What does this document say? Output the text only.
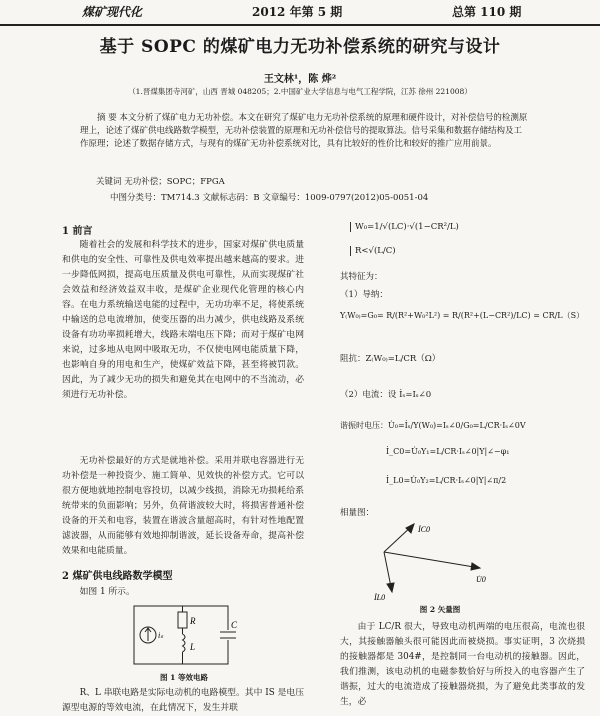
煤矿现代化	2012 年第 5 期	总第 110 期
基于 SOPC 的煤矿电力无功补偿系统的研究与设计
王文林¹，陈 烨²
（1.晋煤集团寺河矿，山西 晋城 048205；2.中国矿业大学信息与电气工程学院，江苏 徐州 221008）
摘 要 本文分析了煤矿电力无功补偿。本文在研究了煤矿电力无功补偿系统的原理和硬件设计，对补偿信号的检测原理上，论述了煤矿供电线路数学模型，无功补偿装置的原理和无功补偿信号的提取算法。信号采集和数据存储结构及工作原理；论述了数据存储方式，与现有的煤矿无功补偿系统对比，具有比较好的性价比和较好的推广应用前景。
关键词 无功补偿；SOPC；FPGA
中图分类号：TM714.3 文献标志码：B 文章编号：1009-0797(2012)05-0051-04
1 前言
随着社会的发展和科学技术的进步，国家对煤矿供电质量和供电的安全性、可靠性及供电效率提出越来越高的要求。进一步降低网损，提高电压质量及供电可靠性，从而实现煤矿社会效益和经济效益双丰收，是煤矿企业现代化管理的核心内容。在电力系统输送电能的过程中，无功功率不足，将使系统中输送的总电流增加，使变压器的出力减少，供电线路及系统设备有功功率损耗增大，线路末端电压下降；而对于煤矿电网来说，过多地从电网中吸取无功，不仅使电网电能质量下降，也影响自身的用电和生产，使煤矿效益下降，甚至将被罚款。因此，为了减少无功的损失和避免其在电网中的不当流动，必须进行无功补偿。
无功补偿最好的方式是就地补偿。采用并联电容器进行无功补偿是一种投资少、施工简单、见效快的补偿方式。它可以很方便地就地控制电容投切，以减少线损，消除无功损耗给系统带来的负面影响；另外，负荷谐波较大时，将损害普通补偿设备的开关和电容，装置在谐波含量超高时，有针对性地配置滤波器，从而能够有效地抑制谐波，延长设备寿命，提高补偿效果和电能质量。
2 煤矿供电线路数学模型
如图 1 所示。
R
L
C
iₛ
图 1 等效电路
R、L 串联电路是实际电动机的电路模型。其中 IS 是电压源型电源的等效电流，在此情况下，发生并联
W₀=1/√(LC)·√(1−CR²/L)
R<√(L/C)
其特征为：
（1）导纳：
Y₍W₀₎=G₀= R/(R²+W₀²L²) = R/(R²+(L−CR²)/LC) = CR/L（S）
阻抗：Z₍W₀₎=L/CR（Ω）
（2）电流：设 İₛ=Iₛ∠0
谐振时电压：U̇₀=İₛ/Y(W₀)=Iₛ∠0/G₀=L/CR·Iₛ∠0V
İ_C0=U̇₀Y₁=L/CR·Iₛ∠0|Y|∠−φ₁
İ_L0=U̇₀Y₂=L/CR·Iₛ∠0|Y|∠π/2
相量图：
İC0
U̇0
İL0
图 2 矢量图
由于 LC/R 很大，导致电动机两端的电压很高，电流也很大，其接触器触头很可能因此而被烧损。事实证明，3 次烧损的接触器都是 304#，是控制同一台电动机的接触器。因此，我们推测，该电动机的电磁参数恰好与所投入的电容器产生了谐振，过大的电流造成了接触器烧损，为了避免此类事故的发生，必
